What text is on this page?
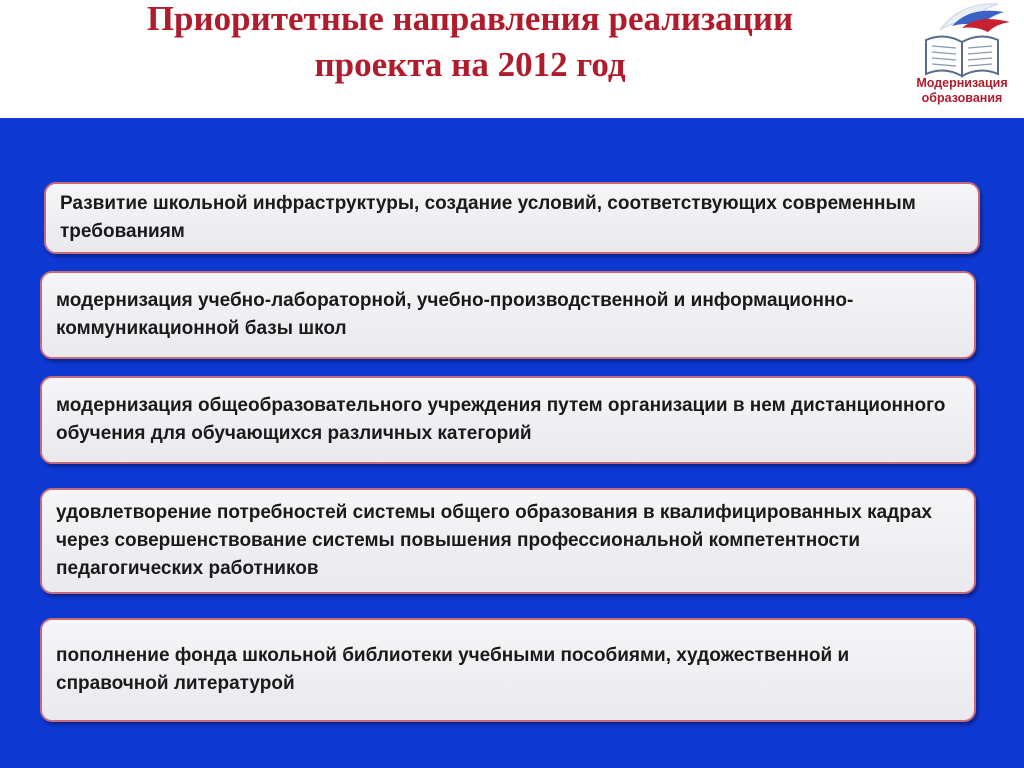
Приоритетные направления реализации
проекта на 2012 год	Модернизация
образования
Развитие школьной инфраструктуры, создание условий, соответствующих современным требованиям
модернизация учебно-лабораторной, учебно-производственной и информационно-коммуникационной базы школ
модернизация общеобразовательного учреждения путем организации в нем дистанционного обучения для обучающихся различных категорий
удовлетворение потребностей системы общего образования в квалифицированных кадрах через совершенствование системы повышения профессиональной компетентности педагогических работников
пополнение фонда школьной библиотеки учебными пособиями, художественной и справочной литературой
